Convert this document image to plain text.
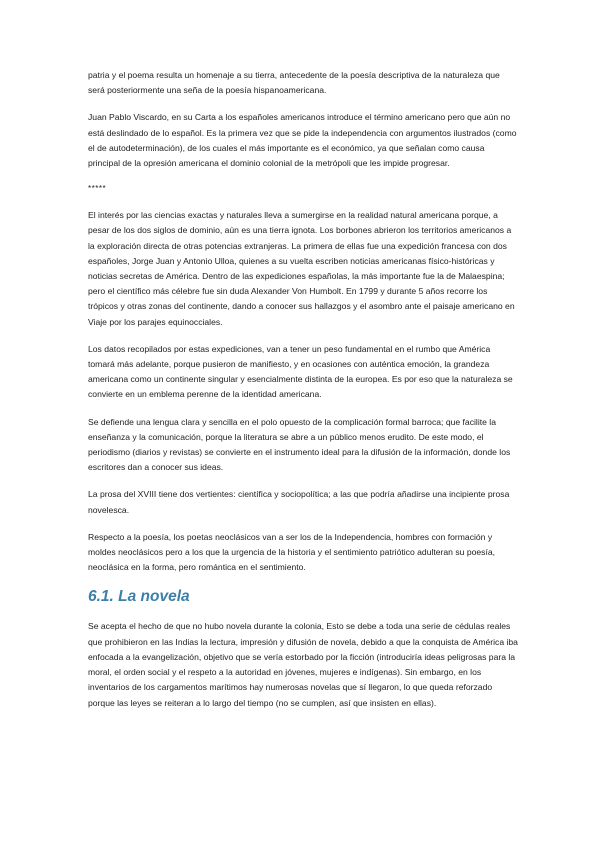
patria y el poema resulta un homenaje a su tierra, antecedente de la poesía descriptiva de la naturaleza que será posteriormente una seña de la poesía hispanoamericana.

Juan Pablo Viscardo, en su Carta a los españoles americanos introduce el término americano pero que aún no está deslindado de lo español. Es la primera vez que se pide la independencia con argumentos ilustrados (como el de autodeterminación), de los cuales el más importante es el económico, ya que señalan como causa principal de la opresión americana el dominio colonial de la metrópoli que les impide progresar.

*****

El interés por las ciencias exactas y naturales lleva a sumergirse en la realidad natural americana porque, a pesar de los dos siglos de dominio, aún es una tierra ignota. Los borbones abrieron los territorios americanos a la exploración directa de otras potencias extranjeras. La primera de ellas fue una expedición francesa con dos españoles, Jorge Juan y Antonio Ulloa, quienes a su vuelta escriben noticias americanas físico-históricas y noticias secretas de América. Dentro de las expediciones españolas, la más importante fue la de Malaespina; pero el científico más célebre fue sin duda Alexander Von Humbolt. En 1799 y durante 5 años recorre los trópicos y otras zonas del continente, dando a conocer sus hallazgos y el asombro ante el paisaje americano en Viaje por los parajes equinocciales.

Los datos recopilados por estas expediciones, van a tener un peso fundamental en el rumbo que América tomará más adelante, porque pusieron de manifiesto, y en ocasiones con auténtica emoción, la grandeza americana como un continente singular y esencialmente distinta de la europea. Es por eso que la naturaleza se convierte en un emblema perenne de la identidad americana.

Se defiende una lengua clara y sencilla en el polo opuesto de la complicación formal barroca; que facilite la enseñanza y la comunicación, porque la literatura se abre a un público menos erudito. De este modo, el periodismo (diarios y revistas) se convierte en el instrumento ideal para la difusión de la información, donde los escritores dan a conocer sus ideas.

La prosa del XVIII tiene dos vertientes: científica y sociopolítica; a las que podría añadirse una incipiente prosa novelesca.

Respecto a la poesía, los poetas neoclásicos van a ser los de la Independencia, hombres con formación y moldes neoclásicos pero a los que la urgencia de la historia y el sentimiento patriótico adulteran su poesía, neoclásica en la forma, pero romántica en el sentimiento.

6.1. La novela

Se acepta el hecho de que no hubo novela durante la colonia, Esto se debe a toda una serie de cédulas reales que prohibieron en las Indias la lectura, impresión y difusión de novela, debido a que la conquista de América iba enfocada a la evangelización, objetivo que se vería estorbado por la ficción (introduciría ideas peligrosas para la moral, el orden social y el respeto a la autoridad en jóvenes, mujeres e indígenas). Sin embargo, en los inventarios de los cargamentos marítimos hay numerosas novelas que sí llegaron, lo que queda reforzado porque las leyes se reiteran a lo largo del tiempo (no se cumplen, así que insisten en ellas).
